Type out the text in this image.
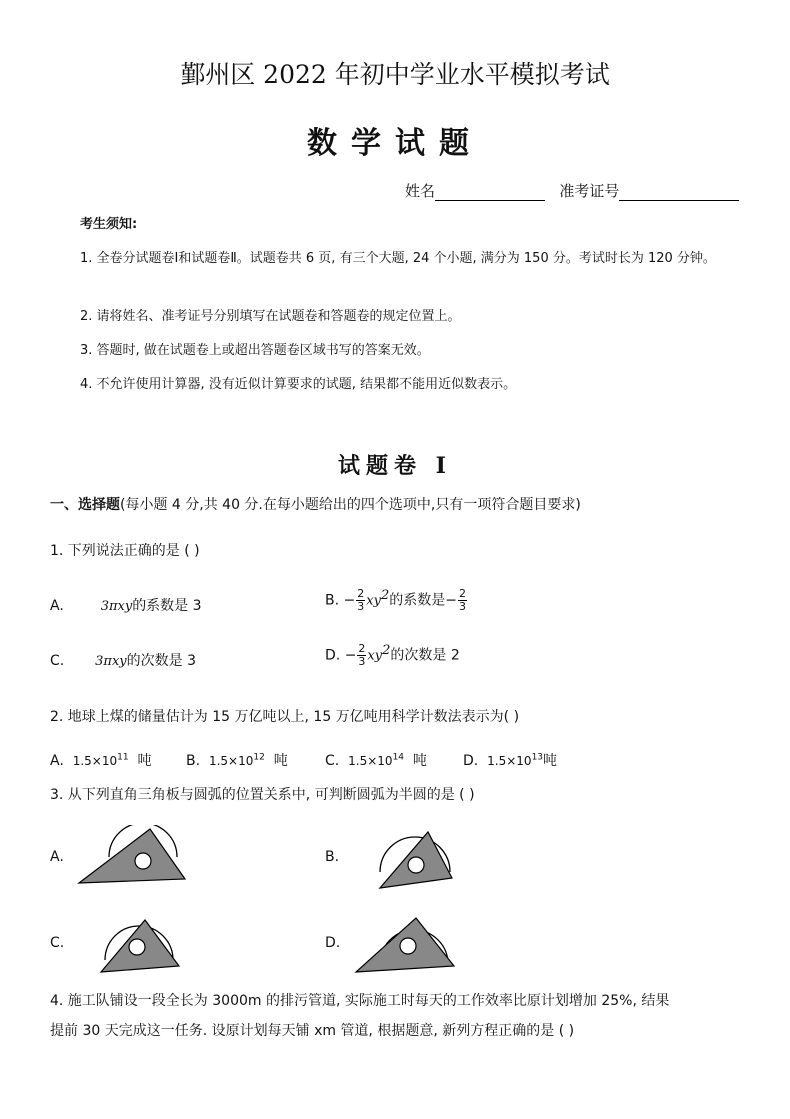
鄞州区 2022 年初中学业水平模拟考试
数学试题
姓名	准考证号
考生须知:
1. 全卷分试题卷Ⅰ和试题卷Ⅱ。试题卷共 6 页, 有三个大题, 24 个小题, 满分为 150 分。考试时长为 120 分钟。
2. 请将姓名、准考证号分别填写在试题卷和答题卷的规定位置上。
3. 答题时, 做在试题卷上或超出答题卷区域书写的答案无效。
4. 不允许使用计算器, 没有近似计算要求的试题, 结果都不能用近似数表示。
试题卷 Ⅰ
一、选择题(每小题 4 分,共 40 分.在每小题给出的四个选项中,只有一项符合题目要求)
1. 下列说法正确的是 ( )
A.	3πxy的系数是 3	B. − $\frac{2}{3} xy^2$的系数是− $\frac{2}{3}$
C. 3πxy的次数是 3	D. − $\frac{2}{3} xy^2$的次数是 2
2. 地球上煤的储量估计为 15 万亿吨以上, 15 万亿吨用科学计数法表示为( )
A. $1.5\times 10^{11}$ 吨 B. $1.5\times 10^{12}$ 吨	C. $1.5\times 10^{14}$ 吨	D. $1.5\times 10^{13}$吨
3. 从下列直角三角板与圆弧的位置关系中, 可判断圆弧为半圆的是 ( )
A.	B.
C.	D.
4. 施工队铺设一段全长为 3000m 的排污管道, 实际施工时每天的工作效率比原计划增加 25%, 结果
提前 30 天完成这一任务. 设原计划每天铺 xm 管道, 根据题意, 新列方程正确的是 ( )
